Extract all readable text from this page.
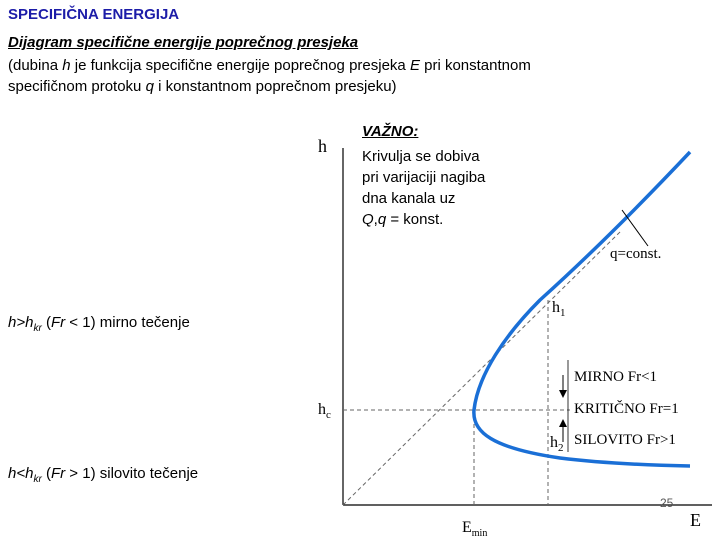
SPECIFIČNA ENERGIJA
Dijagram specifične energije poprečnog presjeka
(dubina h je funkcija specifične energije poprečnog presjeka E pri konstantnom
specifičnom protoku q i konstantnom poprečnom presjeku)
VAŽNO:
Krivulja se dobiva
pri varijaciji nagiba
dna kanala uz
Q,q = konst.
$h>h_{kr}$ (Fr < 1) mirno tečenje
$h<h_{kr}$ (Fr > 1) silovito tečenje
h
E
$h_c$
$E_{min}$
q=const.
$h_1$
$h_2$
MIRNO Fr<1
KRITIČNO Fr=1
SILOVITO Fr>1
25
